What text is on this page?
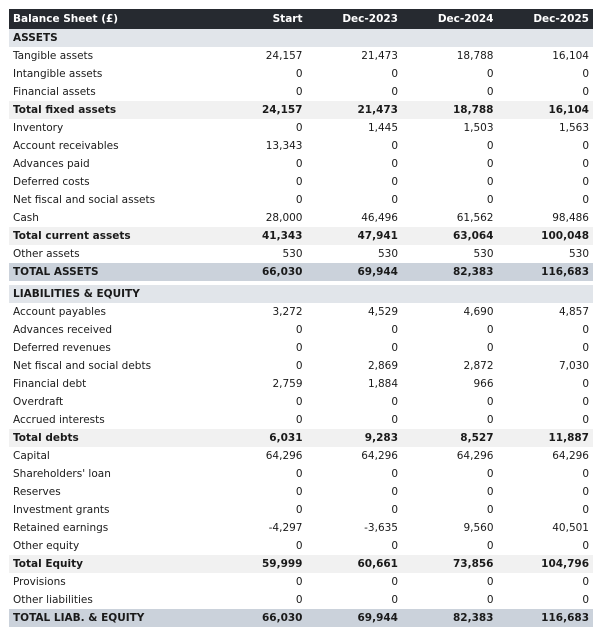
Balance Sheet (£)	Start	Dec-2023	Dec-2024	Dec-2025
ASSETS				
Tangible assets	24,157	21,473	18,788	16,104
Intangible assets	0	0	0	0
Financial assets	0	0	0	0
Total fixed assets	24,157	21,473	18,788	16,104
Inventory	0	1,445	1,503	1,563
Account receivables	13,343	0	0	0
Advances paid	0	0	0	0
Deferred costs	0	0	0	0
Net fiscal and social assets	0	0	0	0
Cash	28,000	46,496	61,562	98,486
Total current assets	41,343	47,941	63,064	100,048
Other assets	530	530	530	530
TOTAL ASSETS	66,030	69,944	82,383	116,683

LIABILITIES & EQUITY				
Account payables	3,272	4,529	4,690	4,857
Advances received	0	0	0	0
Deferred revenues	0	0	0	0
Net fiscal and social debts	0	2,869	2,872	7,030
Financial debt	2,759	1,884	966	0
Overdraft	0	0	0	0
Accrued interests	0	0	0	0
Total debts	6,031	9,283	8,527	11,887
Capital	64,296	64,296	64,296	64,296
Shareholders' loan	0	0	0	0
Reserves	0	0	0	0
Investment grants	0	0	0	0
Retained earnings	-4,297	-3,635	9,560	40,501
Other equity	0	0	0	0
Total Equity	59,999	60,661	73,856	104,796
Provisions	0	0	0	0
Other liabilities	0	0	0	0
TOTAL LIAB. & EQUITY	66,030	69,944	82,383	116,683
